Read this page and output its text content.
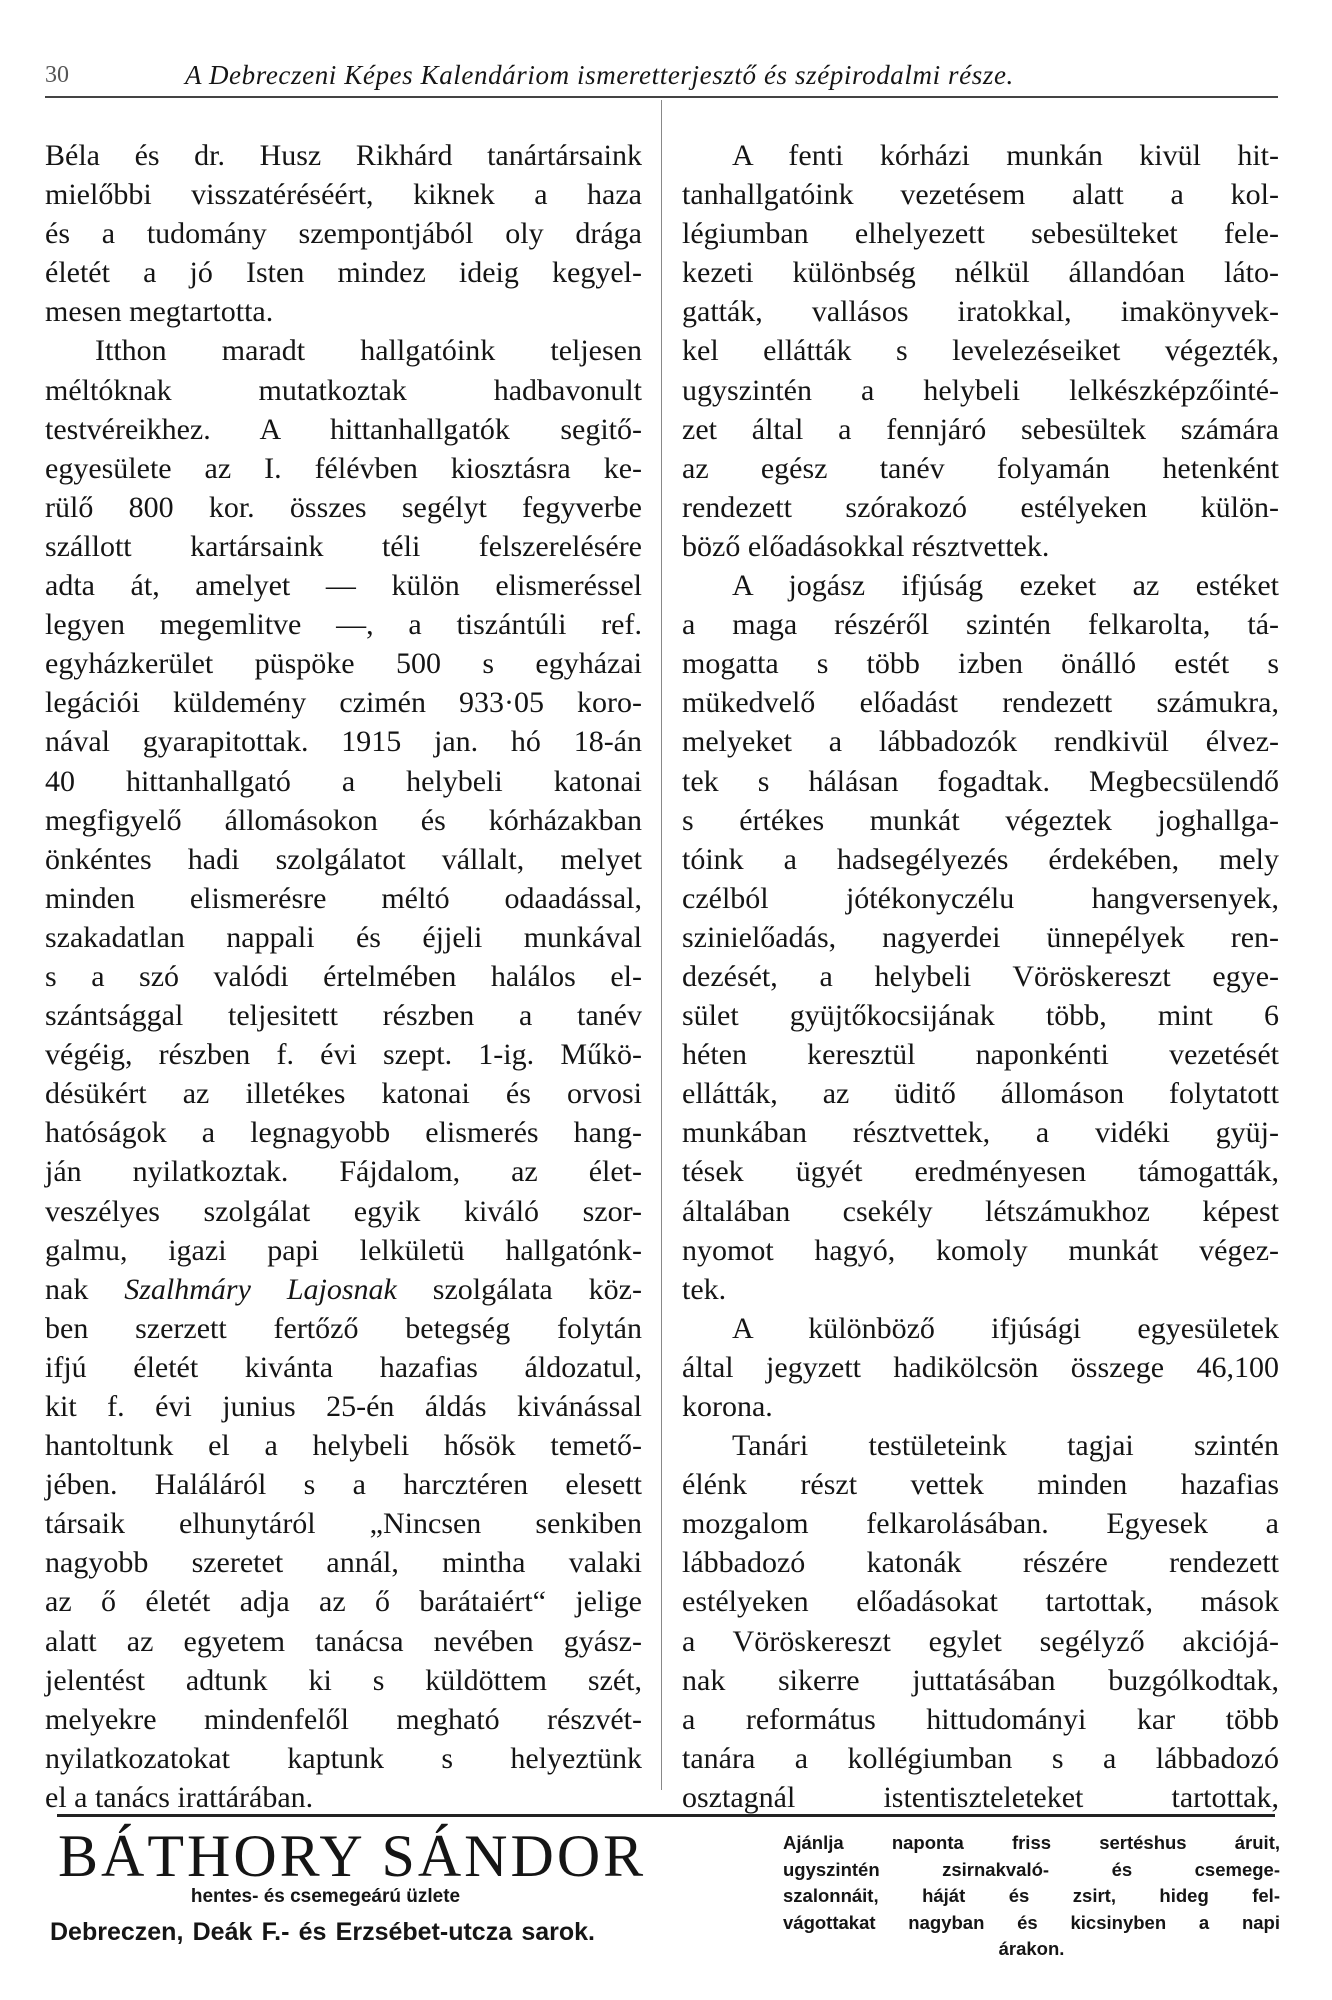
30	A Debreczeni Képes Kalendáriom ismeretterjesztő és szépirodalmi része.
Béla és dr. Husz Rikhárd tanártársaink
mielőbbi visszatéréséért, kiknek a haza
és a tudomány szempontjából oly drága
életét a jó Isten mindez ideig kegyel-
mesen megtartotta.
Itthon maradt hallgatóink teljesen
méltóknak mutatkoztak hadbavonult
testvéreikhez. A hittanhallgatók segitő-
egyesülete az I. félévben kiosztásra ke-
rülő 800 kor. összes segélyt fegyverbe
szállott kartársaink téli felszerelésére
adta át, amelyet — külön elismeréssel
legyen megemlitve —, a tiszántúli ref.
egyházkerület püspöke 500 s egyházai
legációi küldemény czimén 933·05 koro-
nával gyarapitottak. 1915 jan. hó 18-án
40 hittanhallgató a helybeli katonai
megfigyelő állomásokon és kórházakban
önkéntes hadi szolgálatot vállalt, melyet
minden elismerésre méltó odaadással,
szakadatlan nappali és éjjeli munkával
s a szó valódi értelmében halálos el-
szántsággal teljesitett részben a tanév
végéig, részben f. évi szept. 1-ig. Műkö-
désükért az illetékes katonai és orvosi
hatóságok a legnagyobb elismerés hang-
ján nyilatkoztak. Fájdalom, az élet-
veszélyes szolgálat egyik kiváló szor-
galmu, igazi papi lelkületü hallgatónk-
nak Szalhmáry Lajosnak szolgálata köz-
ben szerzett fertőző betegség folytán
ifjú életét kivánta hazafias áldozatul,
kit f. évi junius 25-én áldás kivánással
hantoltunk el a helybeli hősök temető-
jében. Haláláról s a harcztéren elesett
társaik elhunytáról „Nincsen senkiben
nagyobb szeretet annál, mintha valaki
az ő életét adja az ő barátaiért“ jelige
alatt az egyetem tanácsa nevében gyász-
jelentést adtunk ki s küldöttem szét,
melyekre mindenfelől megható részvét-
nyilatkozatokat kaptunk s helyeztünk
el a tanács irattárában.
A fenti kórházi munkán kivül hit-
tanhallgatóink vezetésem alatt a kol-
légiumban elhelyezett sebesülteket fele-
kezeti különbség nélkül állandóan láto-
gatták, vallásos iratokkal, imakönyvek-
kel ellátták s levelezéseiket végezték,
ugyszintén a helybeli lelkészképzőinté-
zet által a fennjáró sebesültek számára
az egész tanév folyamán hetenként
rendezett szórakozó estélyeken külön-
böző előadásokkal résztvettek.
A jogász ifjúság ezeket az estéket
a maga részéről szintén felkarolta, tá-
mogatta s több izben önálló estét s
mükedvelő előadást rendezett számukra,
melyeket a lábbadozók rendkivül élvez-
tek s hálásan fogadtak. Megbecsülendő
s értékes munkát végeztek joghallga-
tóink a hadsegélyezés érdekében, mely
czélból jótékonyczélu hangversenyek,
szinielőadás, nagyerdei ünnepélyek ren-
dezését, a helybeli Vöröskereszt egye-
sület gyüjtőkocsijának több, mint 6
héten keresztül naponkénti vezetését
ellátták, az üditő állomáson folytatott
munkában résztvettek, a vidéki gyüj-
tések ügyét eredményesen támogatták,
általában csekély létszámukhoz képest
nyomot hagyó, komoly munkát végez-
tek.
A különböző ifjúsági egyesületek
által jegyzett hadikölcsön összege 46,100
korona.
Tanári testületeink tagjai szintén
élénk részt vettek minden hazafias
mozgalom felkarolásában. Egyesek a
lábbadozó katonák részére rendezett
estélyeken előadásokat tartottak, mások
a Vöröskereszt egylet segélyző akciójá-
nak sikerre juttatásában buzgólkodtak,
a református hittudományi kar több
tanára a kollégiumban s a lábbadozó
osztagnál istentiszteleteket tartottak,
BÁTHORY SÁNDOR
hentes- és csemegeárú üzlete
Debreczen, Deák F.- és Erzsébet-utcza sarok.
Ajánlja naponta friss sertéshus áruit,
ugyszintén zsirnakvaló- és csemege-
szalonnáit, háját és zsirt, hideg fel-
vágottakat nagyban és kicsinyben a napi
árakon.
